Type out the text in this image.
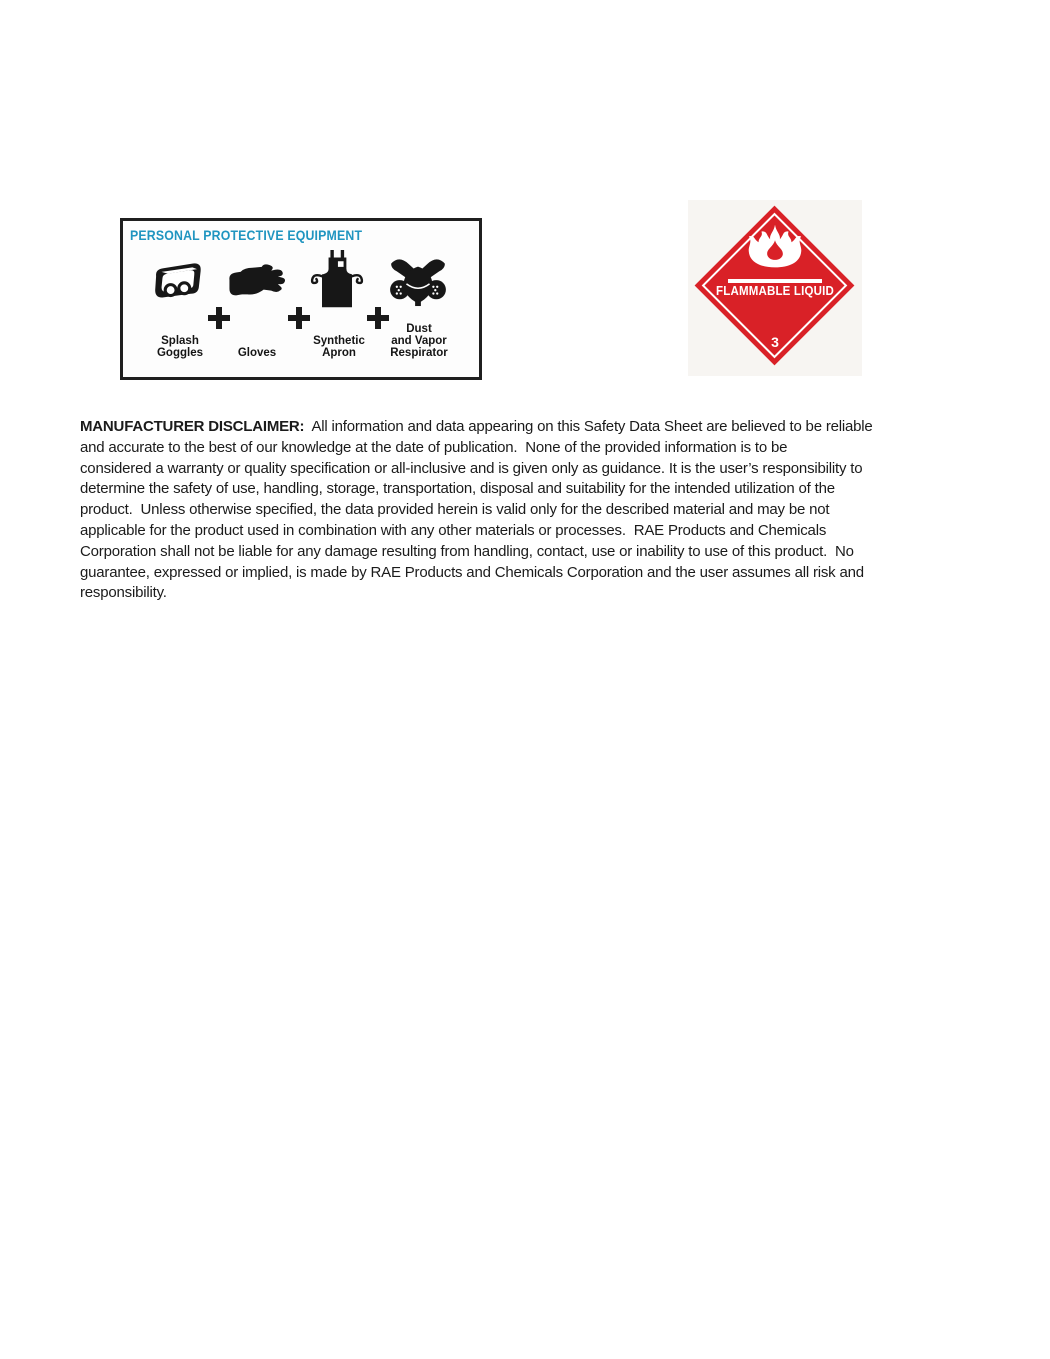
PERSONAL PROTECTIVE EQUIPMENT
Splash
Goggles	Gloves
Synthetic
Apron
Dust
and Vapor
Respirator
FLAMMABLE LIQUID
3
MANUFACTURER DISCLAIMER:  All information and data appearing on this Safety Data Sheet are believed to be reliable
and accurate to the best of our knowledge at the date of publication.  None of the provided information is to be
considered a warranty or quality specification or all-inclusive and is given only as guidance. It is the user’s responsibility to
determine the safety of use, handling, storage, transportation, disposal and suitability for the intended utilization of the
product.  Unless otherwise specified, the data provided herein is valid only for the described material and may be not
applicable for the product used in combination with any other materials or processes.  RAE Products and Chemicals
Corporation shall not be liable for any damage resulting from handling, contact, use or inability to use of this product.  No
guarantee, expressed or implied, is made by RAE Products and Chemicals Corporation and the user assumes all risk and
responsibility.
